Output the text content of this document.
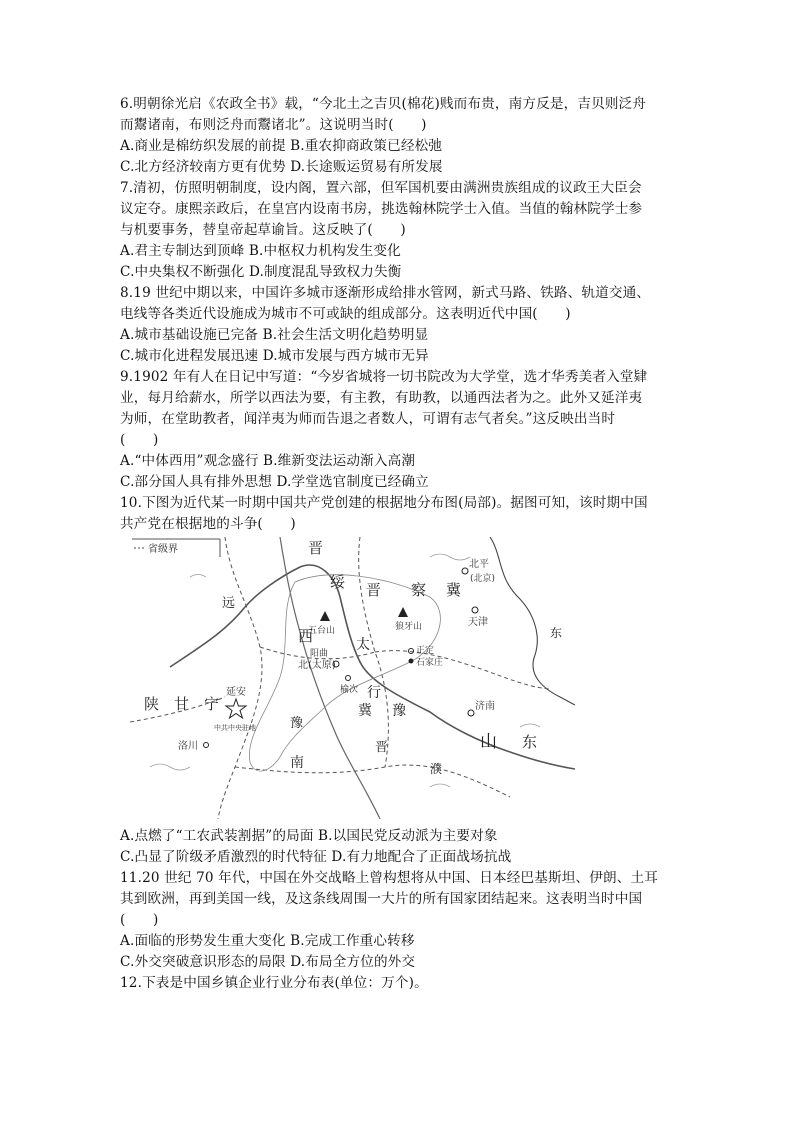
6.明朝徐光启《农政全书》载，“今北土之吉贝(棉花)贱而布贵，南方反是，吉贝则泛舟
而鬻诸南，布则泛舟而鬻诸北”。这说明当时(　　)
A.商业是棉纺织发展的前提 B.重农抑商政策已经松弛
C.北方经济较南方更有优势 D.长途贩运贸易有所发展
7.清初，仿照明朝制度，设内阁，置六部，但军国机要由满洲贵族组成的议政王大臣会
议定夺。康熙亲政后，在皇宫内设南书房，挑选翰林院学士入值。当值的翰林院学士参
与机要事务，替皇帝起草谕旨。这反映了(　　)
A.君主专制达到顶峰 B.中枢权力机构发生变化
C.中央集权不断强化 D.制度混乱导致权力失衡
8.19 世纪中期以来，中国许多城市逐渐形成给排水管网，新式马路、铁路、轨道交通、
电线等各类近代设施成为城市不可或缺的组成部分。这表明近代中国(　　)
A.城市基础设施已完备 B.社会生活文明化趋势明显
C.城市化进程发展迅速 D.城市发展与西方城市无异
9.1902 年有人在日记中写道：“今岁省城将一切书院改为大学堂，选才华秀美者入堂肄
业，每月给薪水，所学以西法为要，有主教，有助教，以通西法者为之。此外又延洋夷
为师，在堂助教者，闻洋夷为师而告退之者数人，可谓有志气者矣。”这反映出当时
(　　)
A.“中体西用”观念盛行 B.维新变法运动渐入高潮
C.部分国人具有排外思想 D.学堂选官制度已经确立
10.下图为近代某一时期中国共产党创建的根据地分布图(局部)。据图可知，该时期中国
共产党在根据地的斗争(　　)
省级界	晋
绥 晋 察 冀
北平
(北京)
天津
五台山	狼牙山
太	正定
石家庄
西
阳曲
北(太原)
榆次 行
冀 豫
陕 甘 宁
延安
中共中央驻地
洛川
济南
山 东
南
远
濮
晋
豫
东
A.点燃了“工农武装割据”的局面 B.以国民党反动派为主要对象
C.凸显了阶级矛盾激烈的时代特征 D.有力地配合了正面战场抗战
11.20 世纪 70 年代，中国在外交战略上曾构想将从中国、日本经巴基斯坦、伊朗、土耳
其到欧洲，再到美国一线，及这条线周围一大片的所有国家团结起来。这表明当时中国
(　　)
A.面临的形势发生重大变化 B.完成工作重心转移
C.外交突破意识形态的局限 D.布局全方位的外交
12.下表是中国乡镇企业行业分布表(单位：万个)。
